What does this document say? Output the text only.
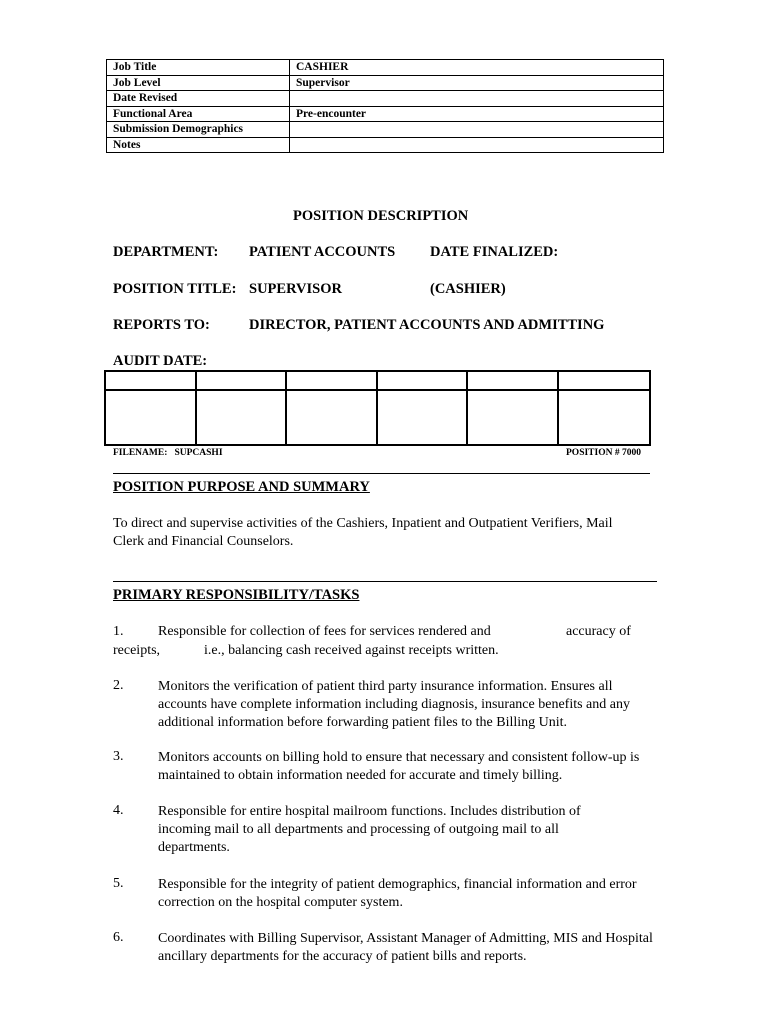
Job Title	CASHIER
Job Level	Supervisor
Date Revised	
Functional Area	Pre-encounter
Submission Demographics	
Notes	
POSITION DESCRIPTION
DEPARTMENT: PATIENT ACCOUNTS DATE FINALIZED:
POSITION TITLE: SUPERVISOR	(CASHIER)
REPORTS TO:	DIRECTOR, PATIENT ACCOUNTS AND ADMITTING
AUDIT DATE:
FILENAME:   SUPCASHI	POSITION # 7000
POSITION PURPOSE AND SUMMARY
To direct and supervise activities of the Cashiers, Inpatient and Outpatient Verifiers, Mail
Clerk and Financial Counselors.
PRIMARY RESPONSIBILITY/TASKS
1. Responsible for collection of fees for services rendered and	accuracy of
receipts,	i.e., balancing cash received against receipts written.
2. Monitors the verification of patient third party insurance information. Ensures all accounts have complete information including diagnosis, insurance benefits and any additional information before forwarding patient files to the Billing Unit.
3. Monitors accounts on billing hold to ensure that necessary and consistent follow-up is maintained to obtain information needed for accurate and timely billing.
4. Responsible for entire hospital mailroom functions. Includes distribution of incoming mail to all departments and processing of outgoing mail to all departments.
5. Responsible for the integrity of patient demographics, financial information and error correction on the hospital computer system.
6. Coordinates with Billing Supervisor, Assistant Manager of Admitting, MIS and Hospital ancillary departments for the accuracy of patient bills and reports.
